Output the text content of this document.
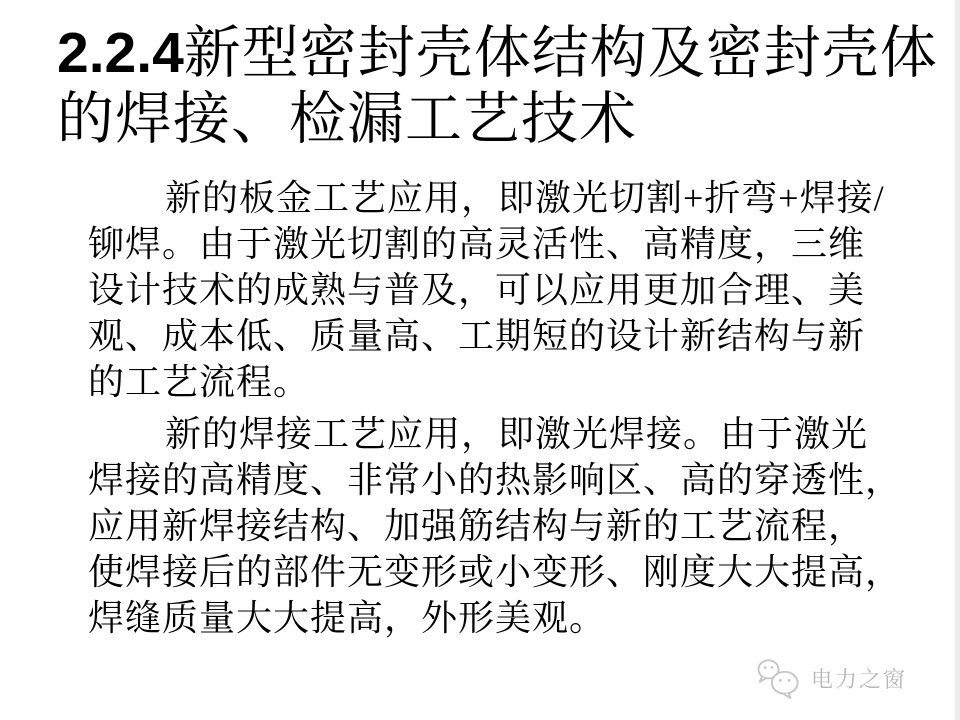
2.2.4新型密封壳体结构及密封壳体
的焊接、检漏工艺技术

新的板金工艺应用，即激光切割+折弯+焊接/
铆焊。由于激光切割的高灵活性、高精度，三维
设计技术的成熟与普及，可以应用更加合理、美
观、成本低、质量高、工期短的设计新结构与新
的工艺流程。

新的焊接工艺应用，即激光焊接。由于激光
焊接的高精度、非常小的热影响区、高的穿透性，
应用新焊接结构、加强筋结构与新的工艺流程，
使焊接后的部件无变形或小变形、刚度大大提高，
焊缝质量大大提高，外形美观。

电力之窗
